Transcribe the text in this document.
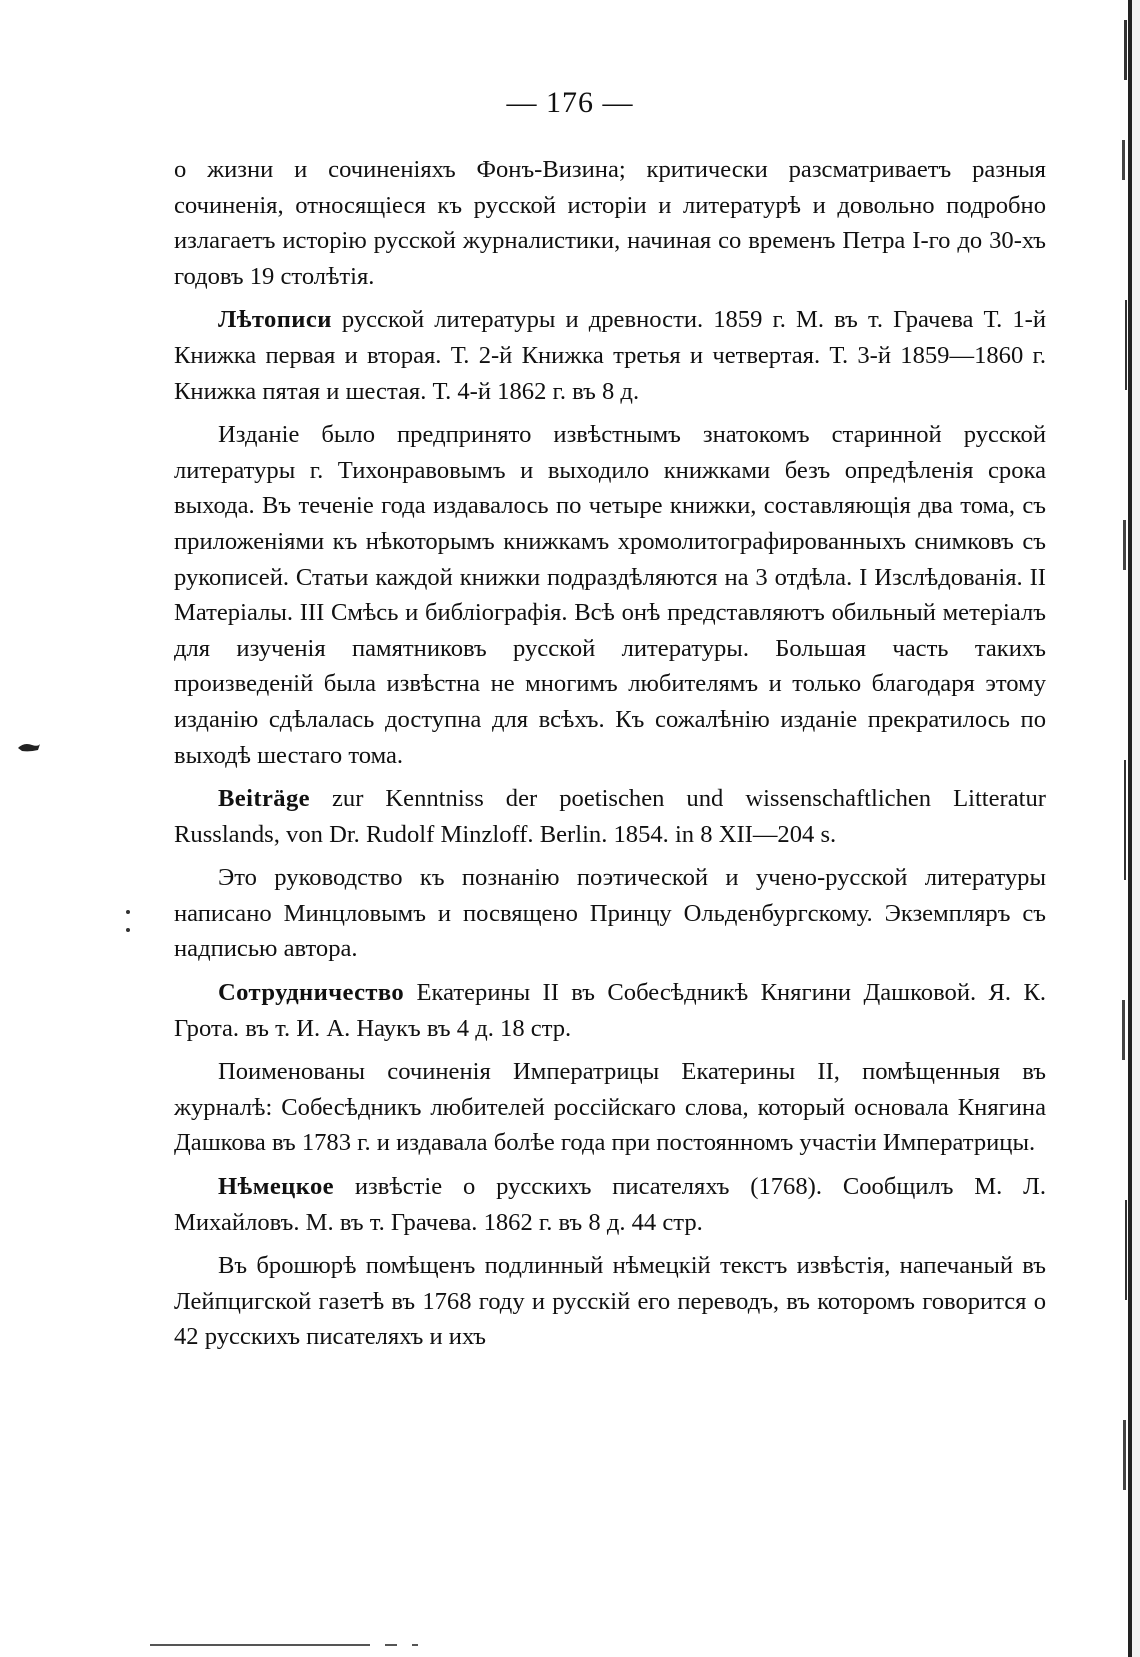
— 176 —

о жизни и сочиненіяхъ Фонъ-Визина; критически разсматриваетъ разныя сочиненія, относящіеся къ русской исторіи и литературѣ и довольно подробно излагаетъ исторію русской журналистики, начиная со временъ Петра I-го до 30-хъ годовъ 19 столѣтія.

Лѣтописи русской литературы и древности. 1859 г. М. въ т. Грачева Т. 1-й Книжка первая и вторая. Т. 2-й Книжка третья и четвертая. Т. 3-й 1859—1860 г. Книжка пятая и шестая. Т. 4-й 1862 г. въ 8 д.

Изданіе было предпринято извѣстнымъ знатокомъ старинной русской литературы г. Тихонравовымъ и выходило книжками безъ опредѣленія срока выхода. Въ теченіе года издавалось по четыре книжки, составляющія два тома, съ приложеніями къ нѣкоторымъ книжкамъ хромолитографированныхъ снимковъ съ рукописей. Статьи каждой книжки подраздѣляются на 3 отдѣла. I Изслѣдованія. II Матеріалы. III Смѣсь и библіографія. Всѣ онѣ представляютъ обильный метеріалъ для изученія памятниковъ русской литературы. Большая часть такихъ произведеній была извѣстна не многимъ любителямъ и только благодаря этому изданію сдѣлалась доступна для всѣхъ. Къ сожалѣнію изданіе прекратилось по выходѣ шестаго тома.

Beiträge zur Kenntniss der poetischen und wissenschaftlichen Litteratur Russlands, von Dr. Rudolf Minzloff. Berlin. 1854. in 8 XII—204 s.

Это руководство къ познанію поэтической и учено-русской литературы написано Минцловымъ и посвящено Принцу Ольденбургскому. Экземпляръ съ надписью автора.

Сотрудничество Екатерины II въ Собесѣдникѣ Княгини Дашковой. Я. К. Грота. въ т. И. А. Наукъ въ 4 д. 18 стр.

Поименованы сочиненія Императрицы Екатерины II, помѣщенныя въ журналѣ: Собесѣдникъ любителей россійскаго слова, который основала Княгина Дашкова въ 1783 г. и издавала болѣе года при постоянномъ участіи Императрицы.

Нѣмецкое извѣстіе о русскихъ писателяхъ (1768). Сообщилъ М. Л. Михайловъ. М. въ т. Грачева. 1862 г. въ 8 д. 44 стр.

Въ брошюрѣ помѣщенъ подлинный нѣмецкій текстъ извѣстія, напечаный въ Лейпцигской газетѣ въ 1768 году и русскій его переводъ, въ которомъ говорится о 42 русскихъ писателяхъ и ихъ
